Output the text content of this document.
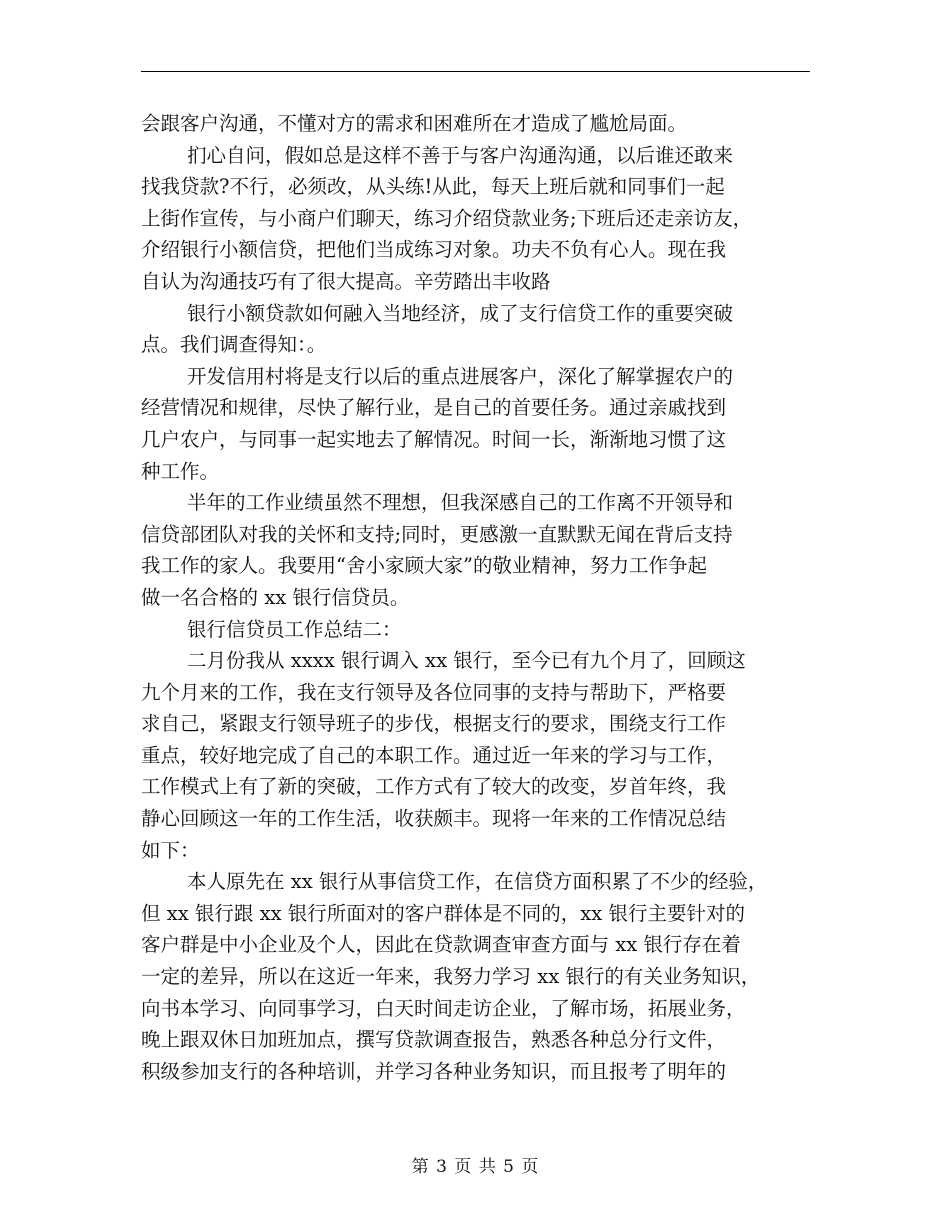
会跟客户沟通，不懂对方的需求和困难所在才造成了尴尬局面。
扪心自问，假如总是这样不善于与客户沟通沟通，以后谁还敢来
找我贷款?不行，必须改，从头练!从此，每天上班后就和同事们一起
上街作宣传，与小商户们聊天，练习介绍贷款业务;下班后还走亲访友，
介绍银行小额信贷，把他们当成练习对象。功夫不负有心人。现在我
自认为沟通技巧有了很大提高。辛劳踏出丰收路
银行小额贷款如何融入当地经济，成了支行信贷工作的重要突破
点。我们调查得知：。
开发信用村将是支行以后的重点进展客户，深化了解掌握农户的
经营情况和规律，尽快了解行业，是自己的首要任务。通过亲戚找到
几户农户，与同事一起实地去了解情况。时间一长，渐渐地习惯了这
种工作。
半年的工作业绩虽然不理想，但我深感自己的工作离不开领导和
信贷部团队对我的关怀和支持;同时，更感激一直默默无闻在背后支持
我工作的家人。我要用“舍小家顾大家”的敬业精神，努力工作争起
做一名合格的 xx 银行信贷员。
银行信贷员工作总结二：
二月份我从 xxxx 银行调入 xx 银行，至今已有九个月了，回顾这
九个月来的工作，我在支行领导及各位同事的支持与帮助下，严格要
求自己，紧跟支行领导班子的步伐，根据支行的要求，围绕支行工作
重点，较好地完成了自己的本职工作。通过近一年来的学习与工作，
工作模式上有了新的突破，工作方式有了较大的改变，岁首年终，我
静心回顾这一年的工作生活，收获颇丰。现将一年来的工作情况总结
如下：
本人原先在 xx 银行从事信贷工作，在信贷方面积累了不少的经验，
但 xx 银行跟 xx 银行所面对的客户群体是不同的，xx 银行主要针对的
客户群是中小企业及个人，因此在贷款调查审查方面与 xx 银行存在着
一定的差异，所以在这近一年来，我努力学习 xx 银行的有关业务知识，
向书本学习、向同事学习，白天时间走访企业，了解市场，拓展业务，
晚上跟双休日加班加点，撰写贷款调查报告，熟悉各种总分行文件，
积级参加支行的各种培训，并学习各种业务知识，而且报考了明年的
第 3 页 共 5 页
